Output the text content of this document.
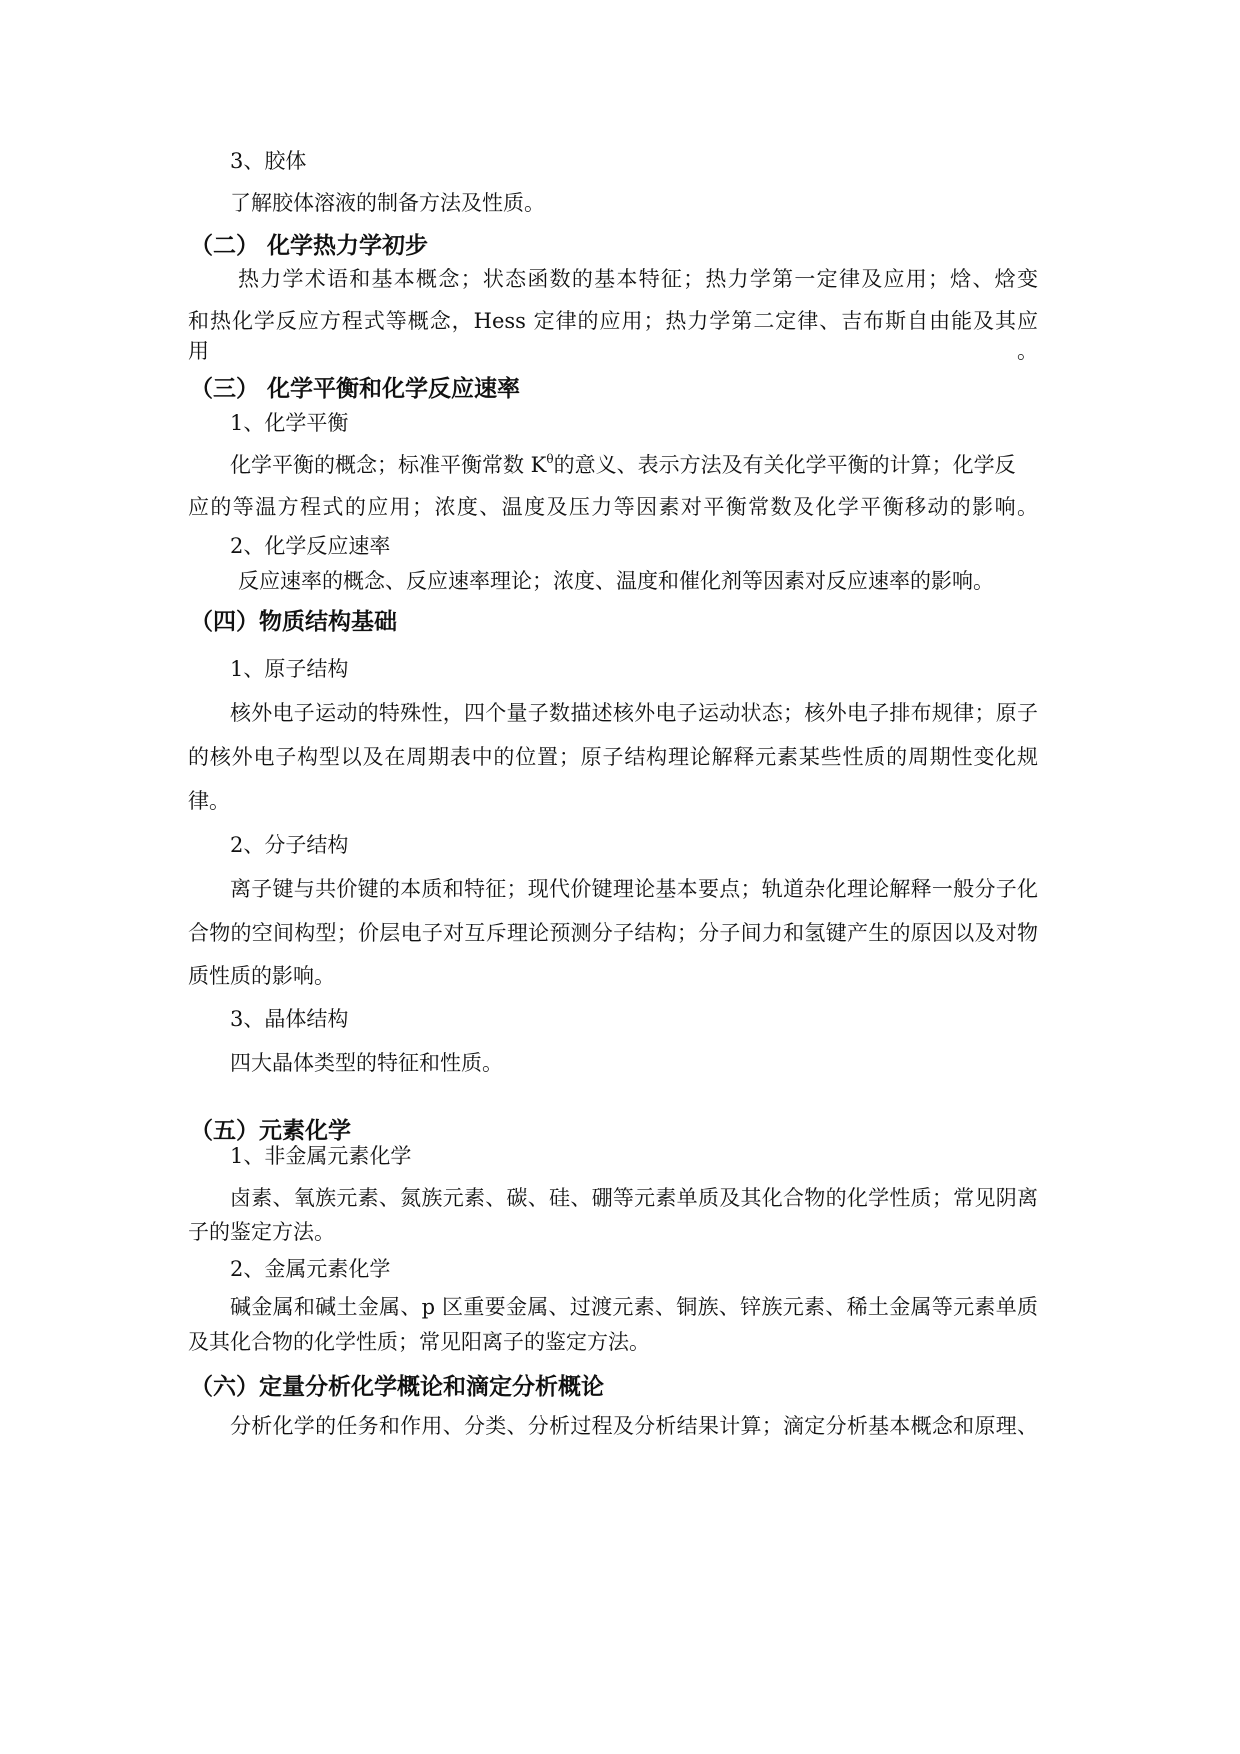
3、胶体

了解胶体溶液的制备方法及性质。

（二） 化学热力学初步

热力学术语和基本概念；状态函数的基本特征；热力学第一定律及应用；焓、焓变

和热化学反应方程式等概念，Hess 定律的应用；热力学第二定律、吉布斯自由能及其应用。

（三） 化学平衡和化学反应速率

1、化学平衡

化学平衡的概念；标准平衡常数 $K^\theta$的意义、表示方法及有关化学平衡的计算；化学反

应的等温方程式的应用；浓度、温度及压力等因素对平衡常数及化学平衡移动的影响。

2、化学反应速率

反应速率的概念、反应速率理论；浓度、温度和催化剂等因素对反应速率的影响。

（四）物质结构基础

1、原子结构

核外电子运动的特殊性，四个量子数描述核外电子运动状态；核外电子排布规律；原子

的核外电子构型以及在周期表中的位置；原子结构理论解释元素某些性质的周期性变化规

律。

2、分子结构

离子键与共价键的本质和特征；现代价键理论基本要点；轨道杂化理论解释一般分子化

合物的空间构型；价层电子对互斥理论预测分子结构；分子间力和氢键产生的原因以及对物

质性质的影响。

3、晶体结构

四大晶体类型的特征和性质。

（五）元素化学

1、非金属元素化学

卤素、氧族元素、氮族元素、碳、硅、硼等元素单质及其化合物的化学性质；常见阴离

子的鉴定方法。

2、金属元素化学

碱金属和碱土金属、p 区重要金属、过渡元素、铜族、锌族元素、稀土金属等元素单质

及其化合物的化学性质；常见阳离子的鉴定方法。

（六）定量分析化学概论和滴定分析概论

分析化学的任务和作用、分类、分析过程及分析结果计算；滴定分析基本概念和原理、
